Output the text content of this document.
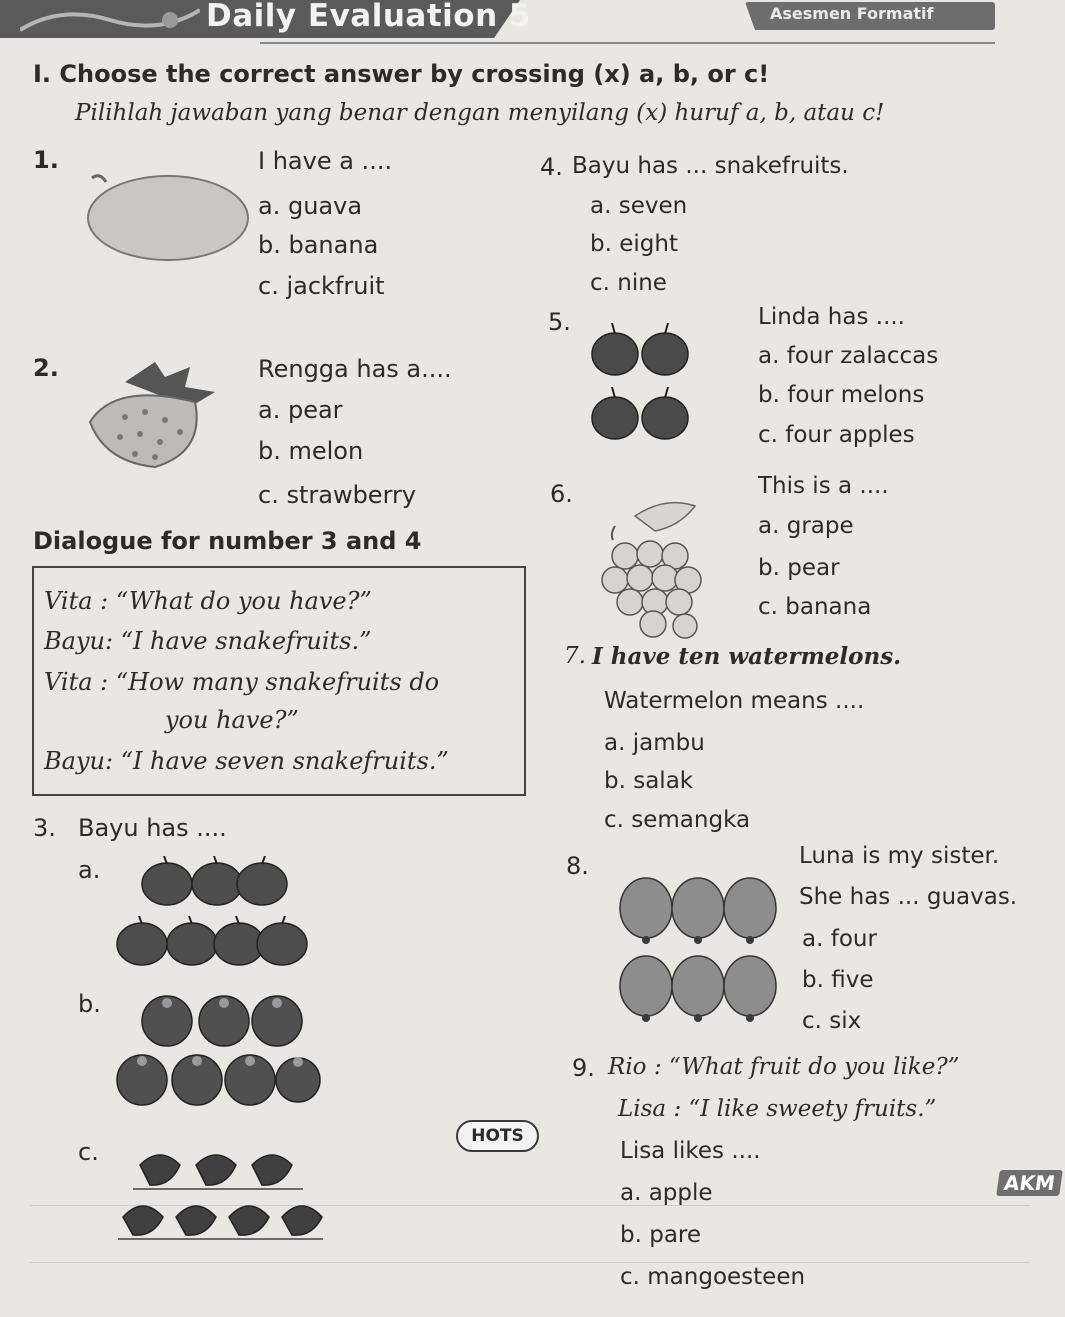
Daily Evaluation 5	Asesmen Formatif
I. Choose the correct answer by crossing (x) a, b, or c!
Pilihlah jawaban yang benar dengan menyilang (x) huruf a, b, atau c!
1.	I have a ....
a. guava
b. banana
c. jackfruit
2.	Rengga has a....
a. pear
b. melon
c. strawberry
Dialogue for number 3 and 4
Vita : “What do you have?”
Bayu: “I have snakefruits.”
Vita : “How many snakefruits do
you have?”
Bayu: “I have seven snakefruits.”
3. Bayu has ....
a.
b.
HOTS
c.
4. Bayu has ... snakefruits.
a. seven
b. eight
c. nine
5.	Linda has ....
a. four zalaccas
b. four melons
c. four apples
6.	This is a ....
a. grape
b. pear
c. banana
7. I have ten watermelons.
Watermelon means ....
a. jambu
b. salak
c. semangka
8.	Luna is my sister.
She has ... guavas.
a. four
b. five
c. six
9. Rio : “What fruit do you like?”
Lisa : “I like sweety fruits.”
Lisa likes ....
AKM
a. apple
b. pare
c. mangoesteen
